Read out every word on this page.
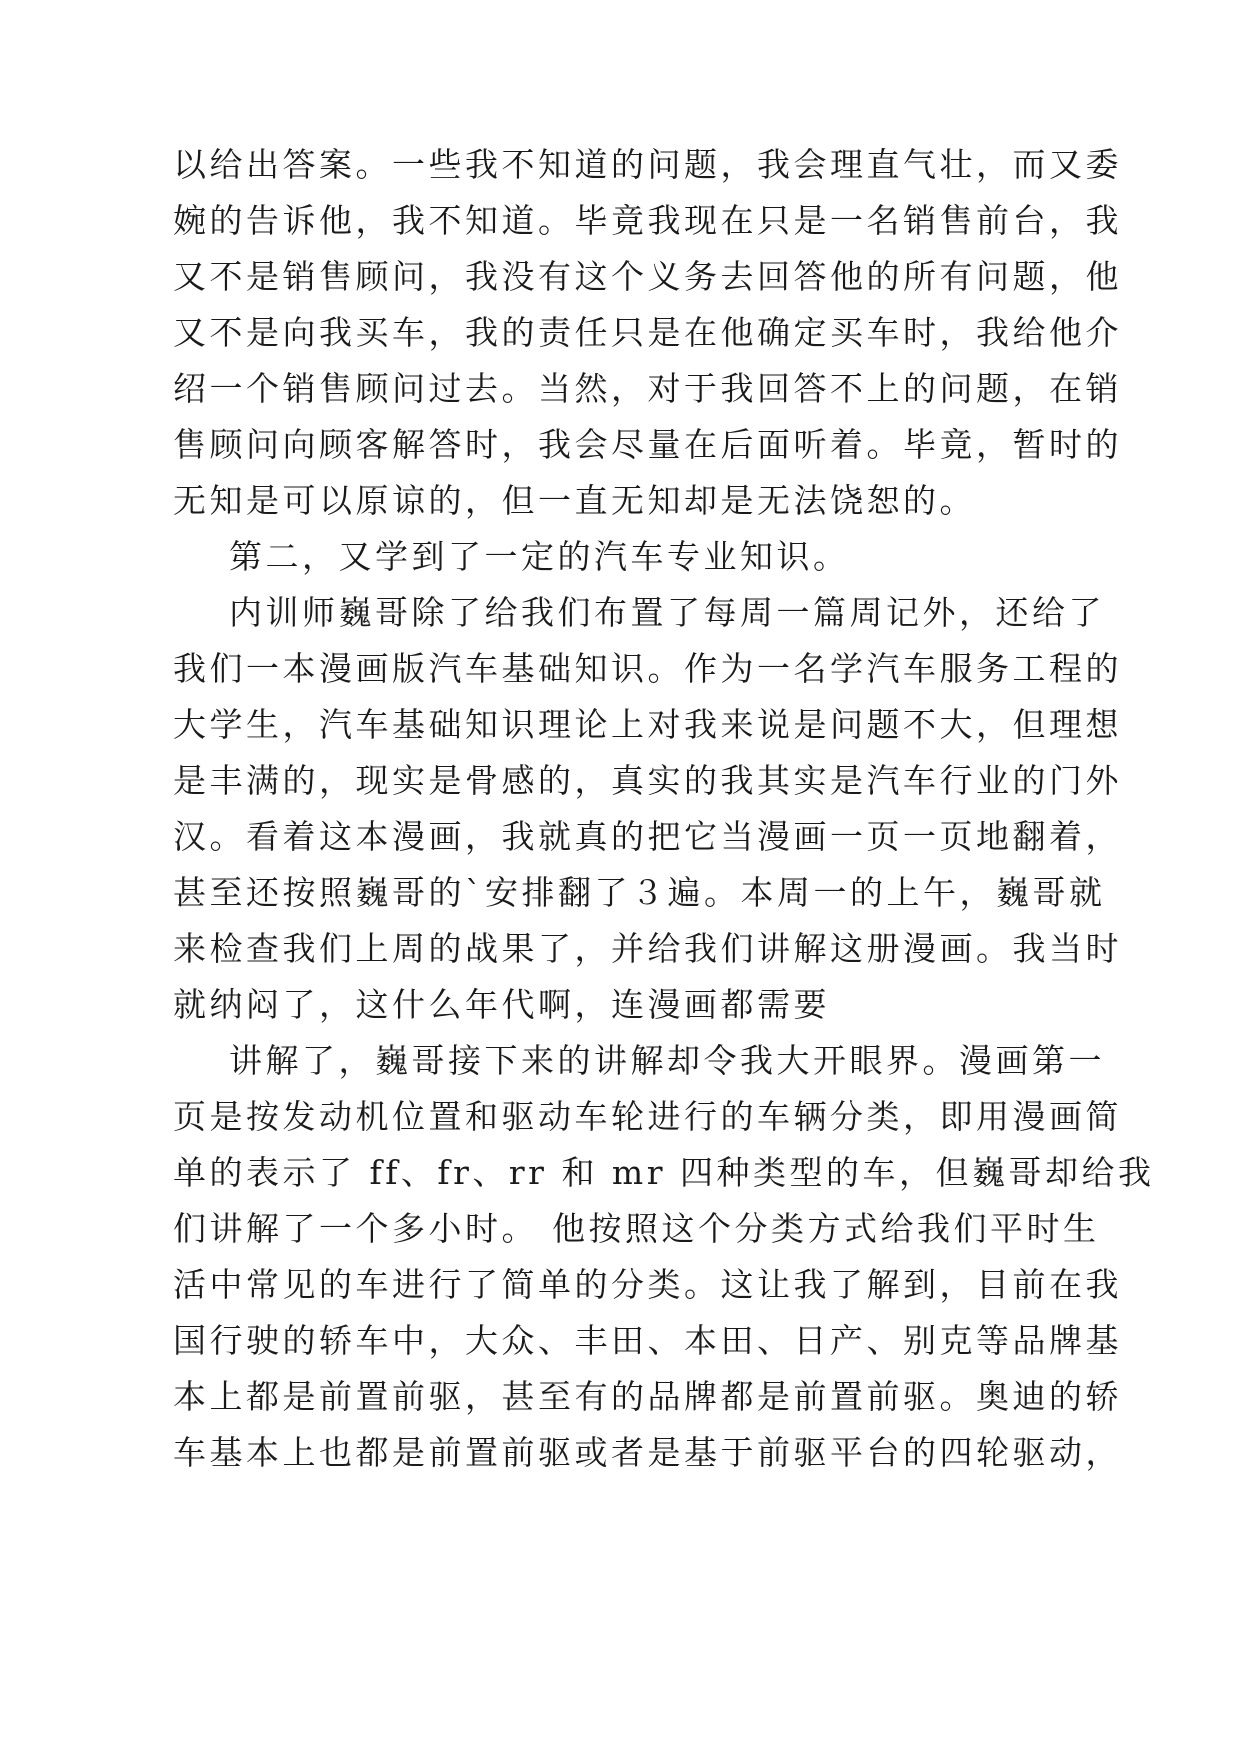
以给出答案。一些我不知道的问题，我会理直气壮，而又委
婉的告诉他，我不知道。毕竟我现在只是一名销售前台，我
又不是销售顾问，我没有这个义务去回答他的所有问题，他
又不是向我买车，我的责任只是在他确定买车时，我给他介
绍一个销售顾问过去。当然，对于我回答不上的问题，在销
售顾问向顾客解答时，我会尽量在后面听着。毕竟，暂时的
无知是可以原谅的，但一直无知却是无法饶恕的。
第二，又学到了一定的汽车专业知识。
内训师巍哥除了给我们布置了每周一篇周记外，还给了
我们一本漫画版汽车基础知识。作为一名学汽车服务工程的
大学生，汽车基础知识理论上对我来说是问题不大，但理想
是丰满的，现实是骨感的，真实的我其实是汽车行业的门外
汉。看着这本漫画，我就真的把它当漫画一页一页地翻着，
甚至还按照巍哥的`安排翻了３遍。本周一的上午，巍哥就
来检查我们上周的战果了，并给我们讲解这册漫画。我当时
就纳闷了，这什么年代啊，连漫画都需要
讲解了，巍哥接下来的讲解却令我大开眼界。漫画第一
页是按发动机位置和驱动车轮进行的车辆分类，即用漫画简
单的表示了 ff、fr、rr 和 mr 四种类型的车，但巍哥却给我
们讲解了一个多小时。 他按照这个分类方式给我们平时生
活中常见的车进行了简单的分类。这让我了解到，目前在我
国行驶的轿车中，大众、丰田、本田、日产、别克等品牌基
本上都是前置前驱，甚至有的品牌都是前置前驱。奥迪的轿
车基本上也都是前置前驱或者是基于前驱平台的四轮驱动，
